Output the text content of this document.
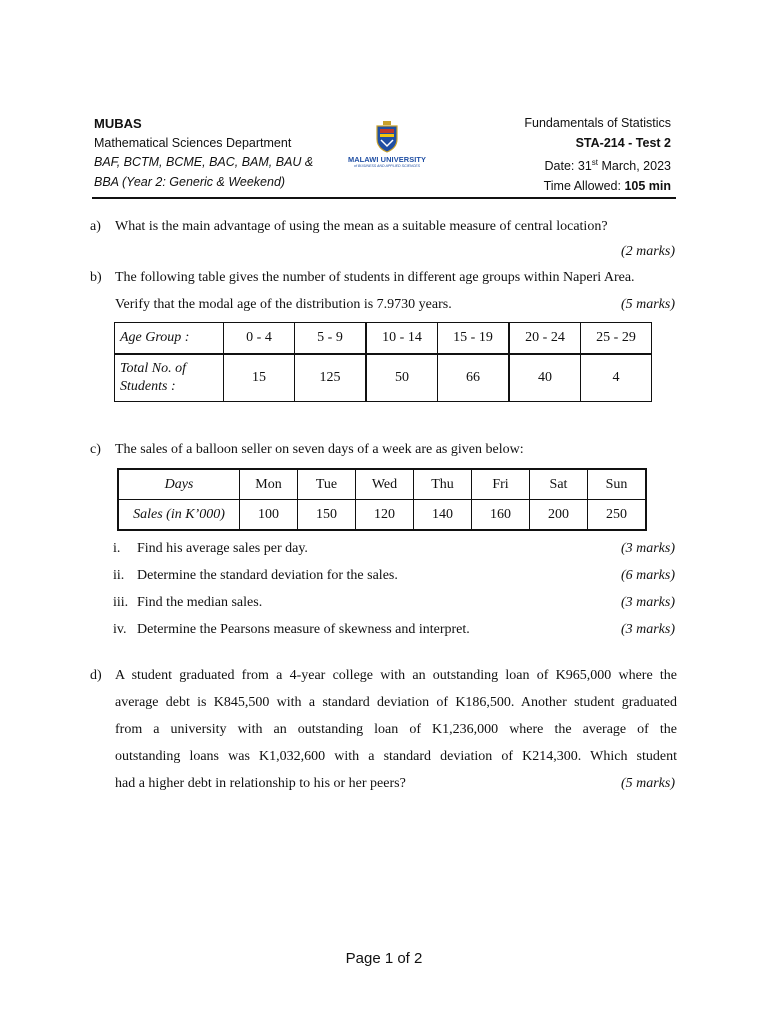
MUBAS
Mathematical Sciences Department
BAF, BCTM, BCME, BAC, BAM, BAU &
BBA (Year 2: Generic & Weekend)
MALAWI UNIVERSITY
of BUSINESS AND APPLIED SCIENCES
Fundamentals of Statistics
STA-214 - Test 2
Date: 31st March, 2023
Time Allowed: 105 min
a) What is the main advantage of using the mean as a suitable measure of central location?
(2 marks)
b) The following table gives the number of students in different age groups within Naperi Area.
Verify that the modal age of the distribution is 7.9730 years.	(5 marks)
Age Group :	0 - 4	5 - 9	10 - 14	15 - 19	20 - 24	25 - 29
Total No. of
Students :	15	125	50	66	40	4
c) The sales of a balloon seller on seven days of a week are as given below:
Days	Mon	Tue	Wed	Thu	Fri	Sat	Sun
Sales (in K’000)	100	150	120	140	160	200	250
i. Find his average sales per day.	(3 marks)
ii. Determine the standard deviation for the sales.	(6 marks)
iii. Find the median sales.	(3 marks)
iv. Determine the Pearsons measure of skewness and interpret.	(3 marks)
d) A student graduated from a 4-year college with an outstanding loan of K965,000 where the
average debt is K845,500 with a standard deviation of K186,500. Another student graduated
from a university with an outstanding loan of K1,236,000 where the average of the
outstanding loans was K1,032,600 with a standard deviation of K214,300. Which student
had a higher debt in relationship to his or her peers?	(5 marks)
Page 1 of 2
